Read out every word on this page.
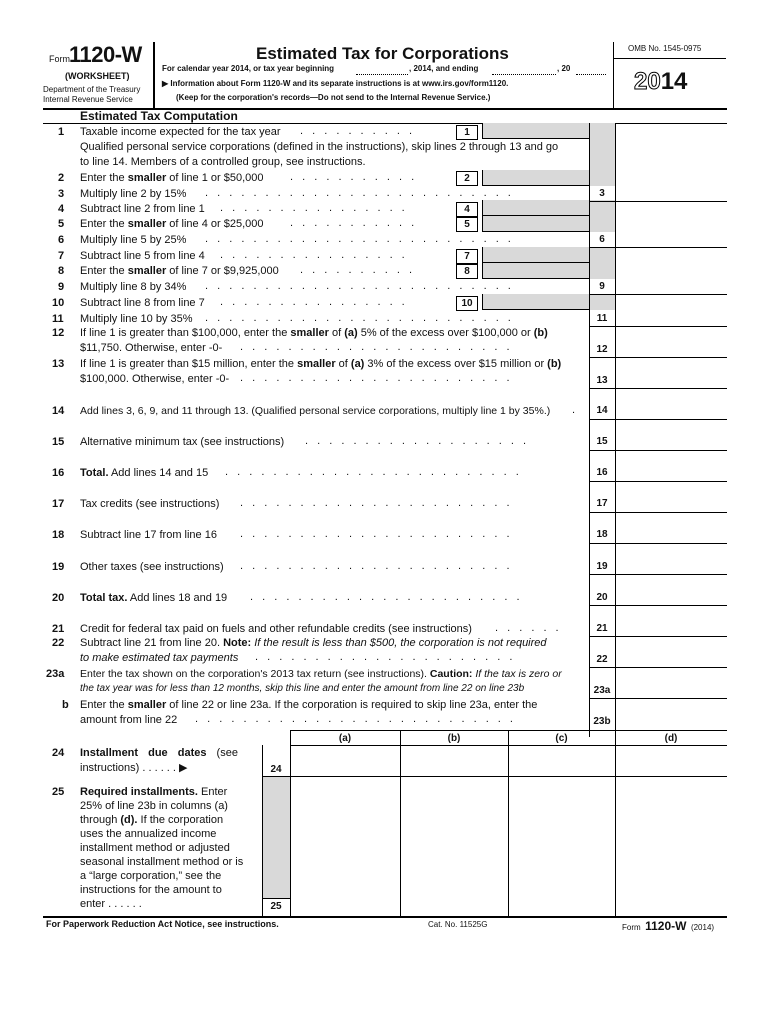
Form 1120-W
(WORKSHEET)
Department of the Treasury
Internal Revenue Service
Estimated Tax for Corporations
For calendar year 2014, or tax year beginning	, 2014, and ending	, 20
▶ Information about Form 1120-W and its separate instructions is at www.irs.gov/form1120.
(Keep for the corporation's records—Do not send to the Internal Revenue Service.)
OMB No. 1545-0975
2014
Estimated Tax Computation
1 Taxable income expected for the tax year . . . . . . . . . .	1
Qualified personal service corporations (defined in the instructions), skip lines 2 through 13 and go
to line 14. Members of a controlled group, see instructions.
2 Enter the smaller of line 1 or $50,000 . . . . . . . . . . .	2
3 Multiply line 2 by 15% . . . . . . . . . . . . . . . . . . . . . . . . . .	3
4 Subtract line 2 from line 1 . . . . . . . . . . . . . . . .	4
5 Enter the smaller of line 4 or $25,000 . . . . . . . . . . .	5
6 Multiply line 5 by 25% . . . . . . . . . . . . . . . . . . . . . . . . . .	6
7 Subtract line 5 from line 4 . . . . . . . . . . . . . . . .	7
8 Enter the smaller of line 7 or $9,925,000 . . . . . . . . . .	8
9 Multiply line 8 by 34% . . . . . . . . . . . . . . . . . . . . . . . . . .	9
10 Subtract line 8 from line 7 . . . . . . . . . . . . . . . .	10
11 Multiply line 10 by 35% . . . . . . . . . . . . . . . . . . . . . . . . . .	11
12 If line 1 is greater than $100,000, enter the smaller of (a) 5% of the excess over $100,000 or (b)
$11,750. Otherwise, enter -0- . . . . . . . . . . . . . . . . . . . . . . .	12
13 If line 1 is greater than $15 million, enter the smaller of (a) 3% of the excess over $15 million or (b)
$100,000. Otherwise, enter -0- . . . . . . . . . . . . . . . . . . . . . . .	13
14 Add lines 3, 6, 9, and 11 through 13. (Qualified personal service corporations, multiply line 1 by 35%.)	.	14
15 Alternative minimum tax (see instructions) . . . . . . . . . . . . . . . . . . .	15
16 Total. Add lines 14 and 15 . . . . . . . . . . . . . . . . . . . . . . . . .	16
17 Tax credits (see instructions) . . . . . . . . . . . . . . . . . . . . . . .	17
18 Subtract line 17 from line 16 . . . . . . . . . . . . . . . . . . . . . . .	18
19 Other taxes (see instructions) . . . . . . . . . . . . . . . . . . . . . . .	19
20 Total tax. Add lines 18 and 19 . . . . . . . . . . . . . . . . . . . . . . .	20
21 Credit for federal tax paid on fuels and other refundable credits (see instructions) . . . . . .	21
22 Subtract line 21 from line 20. Note: If the result is less than $500, the corporation is not required
to make estimated tax payments . . . . . . . . . . . . . . . . . . . . . .	22
23a Enter the tax shown on the corporation's 2013 tax return (see instructions). Caution: If the tax is zero or
the tax year was for less than 12 months, skip this line and enter the amount from line 22 on line 23b	23a
b Enter the smaller of line 22 or line 23a. If the corporation is required to skip line 23a, enter the
amount from line 22 . . . . . . . . . . . . . . . . . . . . . . . . . . .	23b
(a)	(b)	(c)	(d)
24 Installment due dates (see
instructions) . . . . . . ▶	24
25 Required installments. Enter
25% of line 23b in columns (a)
through (d). If the corporation
uses the annualized income
installment method or adjusted
seasonal installment method or is
a “large corporation,” see the
instructions for the amount to
enter . . . . . .	25
For Paperwork Reduction Act Notice, see instructions.	Cat. No. 11525G	Form 1120-W (2014)
